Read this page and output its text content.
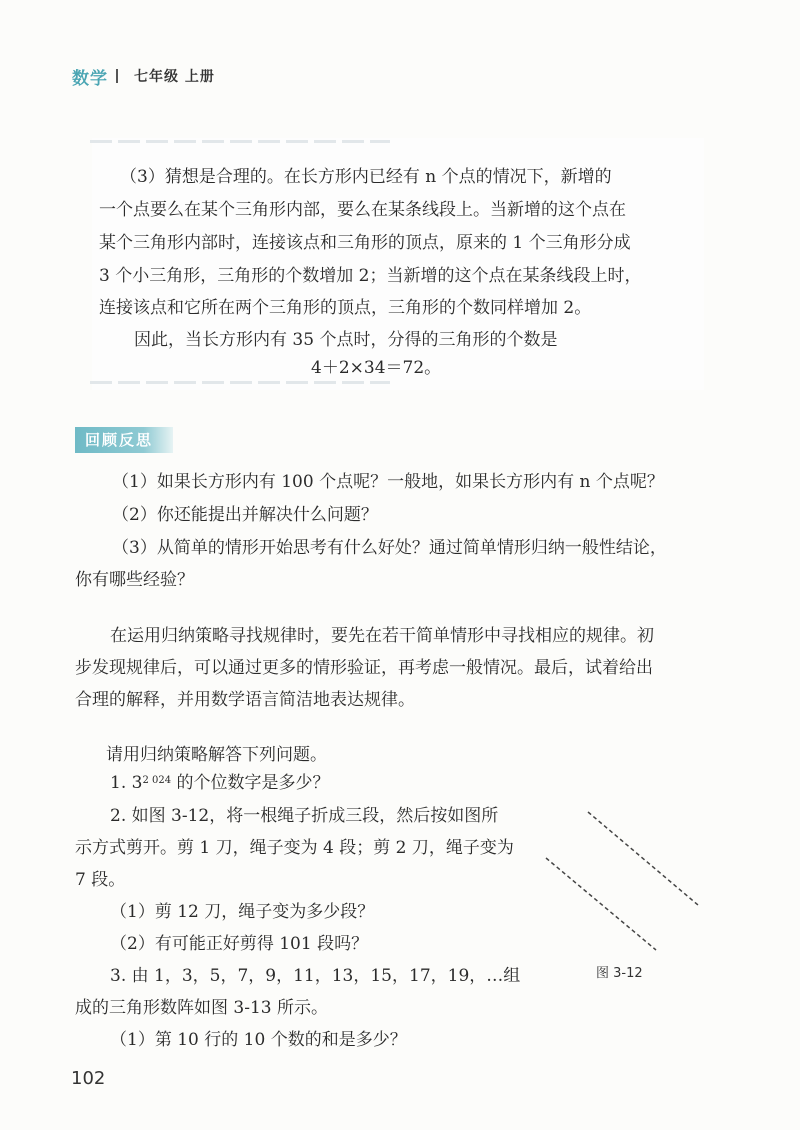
数学 七年级 上册
（3）猜想是合理的。在长方形内已经有 n 个点的情况下，新增的
一个点要么在某个三角形内部，要么在某条线段上。当新增的这个点在
某个三角形内部时，连接该点和三角形的顶点，原来的 1 个三角形分成
3 个小三角形，三角形的个数增加 2；当新增的这个点在某条线段上时，
连接该点和它所在两个三角形的顶点，三角形的个数同样增加 2。
因此，当长方形内有 35 个点时，分得的三角形的个数是
4＋2×34＝72。
回顾反思
（1）如果长方形内有 100 个点呢？一般地，如果长方形内有 n 个点呢？
（2）你还能提出并解决什么问题？
（3）从简单的情形开始思考有什么好处？通过简单情形归纳一般性结论，
你有哪些经验？
在运用归纳策略寻找规律时，要先在若干简单情形中寻找相应的规律。初
步发现规律后，可以通过更多的情形验证，再考虑一般情况。最后，试着给出
合理的解释，并用数学语言简洁地表达规律。
请用归纳策略解答下列问题。
1. $3^{2 024}$ 的个位数字是多少？
2. 如图 3-12，将一根绳子折成三段，然后按如图所
示方式剪开。剪 1 刀，绳子变为 4 段；剪 2 刀，绳子变为
7 段。
（1）剪 12 刀，绳子变为多少段？
（2）有可能正好剪得 101 段吗？
3. 由 1，3，5，7，9，11，13，15，17，19，…组
成的三角形数阵如图 3-13 所示。
（1）第 10 行的 10 个数的和是多少？
图 3-12
102
